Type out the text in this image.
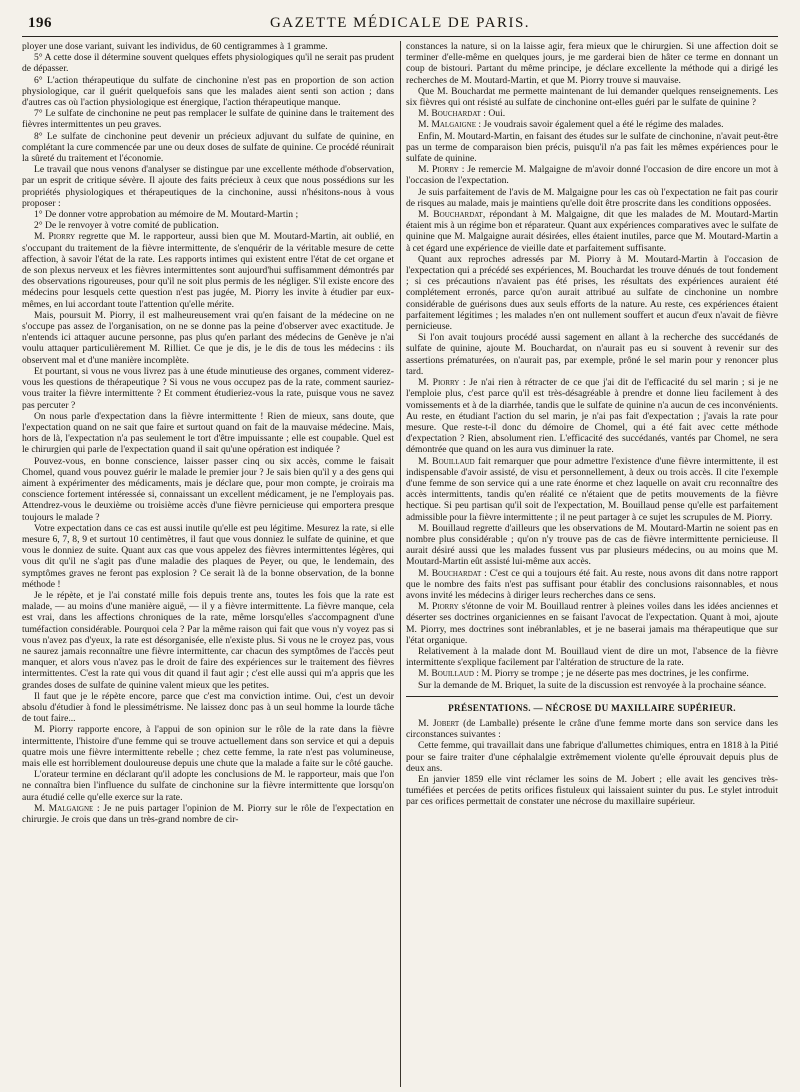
196	GAZETTE MÉDICALE DE PARIS.

ployer une dose variant, suivant les individus, de 60 centigrammes à 1 gramme.

5° A cette dose il détermine souvent quelques effets physiologiques qu'il ne serait pas prudent de dépasser.

6° L'action thérapeutique du sulfate de cinchonine n'est pas en proportion de son action physiologique, car il guérit quelquefois sans que les malades aient senti son action ; dans d'autres cas où l'action physiologique est énergique, l'action thérapeutique manque.

7° Le sulfate de cinchonine ne peut pas remplacer le sulfate de quinine dans le traitement des fièvres intermittentes un peu graves.

8° Le sulfate de cinchonine peut devenir un précieux adjuvant du sulfate de quinine, en complétant la cure commencée par une ou deux doses de sulfate de quinine. Ce procédé réunirait la sûreté du traitement et l'économie.

Le travail que nous venons d'analyser se distingue par une excellente méthode d'observation, par un esprit de critique sévère. Il ajoute des faits précieux à ceux que nous possédions sur les propriétés physiologiques et thérapeutiques de la cinchonine, aussi n'hésitons-nous à vous proposer :

1° De donner votre approbation au mémoire de M. Moutard-Martin ;

2° De le renvoyer à votre comité de publication.

M. Piorry regrette que M. le rapporteur, aussi bien que M. Moutard-Martin, ait oublié, en s'occupant du traitement de la fièvre intermittente, de s'enquérir de la véritable mesure de cette affection, à savoir l'état de la rate. Les rapports intimes qui existent entre l'état de cet organe et de son plexus nerveux et les fièvres intermittentes sont aujourd'hui suffisamment démontrés par des observations rigoureuses, pour qu'il ne soit plus permis de les négliger. S'il existe encore des médecins pour lesquels cette question n'est pas jugée, M. Piorry les invite à étudier par eux-mêmes, en lui accordant toute l'attention qu'elle mérite.

Mais, poursuit M. Piorry, il est malheureusement vrai qu'en faisant de la médecine on ne s'occupe pas assez de l'organisation, on ne se donne pas la peine d'observer avec exactitude. Je n'entends ici attaquer aucune personne, pas plus qu'en parlant des médecins de Genève je n'ai voulu attaquer particulièrement M. Rilliet. Ce que je dis, je le dis de tous les médecins : ils observent mal et d'une manière incomplète.

Et pourtant, si vous ne vous livrez pas à une étude minutieuse des organes, comment viderez-vous les questions de thérapeutique ? Si vous ne vous occupez pas de la rate, comment sauriez-vous traiter la fièvre intermittente ? Et comment étudieriez-vous la rate, puisque vous ne savez pas percuter ?

On nous parle d'expectation dans la fièvre intermittente ! Rien de mieux, sans doute, que l'expectation quand on ne sait que faire et surtout quand on fait de la mauvaise médecine. Mais, hors de là, l'expectation n'a pas seulement le tort d'être impuissante ; elle est coupable. Quel est le chirurgien qui parle de l'expectation quand il sait qu'une opération est indiquée ?

Pouvez-vous, en bonne conscience, laisser passer cinq ou six accès, comme le faisait Chomel, quand vous pouvez guérir le malade le premier jour ? Je sais bien qu'il y a des gens qui aiment à expérimenter des médicaments, mais je déclare que, pour mon compte, je croirais ma conscience fortement intéressée si, connaissant un excellent médicament, je ne l'employais pas. Attendrez-vous le deuxième ou troisième accès d'une fièvre pernicieuse qui emportera presque toujours le malade ?

Votre expectation dans ce cas est aussi inutile qu'elle est peu légitime. Mesurez la rate, si elle mesure 6, 7, 8, 9 et surtout 10 centimètres, il faut que vous donniez le sulfate de quinine, et que vous le donniez de suite. Quant aux cas que vous appelez des fièvres intermittentes légères, qui vous dit qu'il ne s'agit pas d'une maladie des plaques de Peyer, ou que, le lendemain, des symptômes graves ne feront pas explosion ? Ce serait là de la bonne observation, de la bonne méthode !

Je le répète, et je l'ai constaté mille fois depuis trente ans, toutes les fois que la rate est malade, — au moins d'une manière aiguë, — il y a fièvre intermittente. La fièvre manque, cela est vrai, dans les affections chroniques de la rate, même lorsqu'elles s'accompagnent d'une tuméfaction considérable. Pourquoi cela ? Par la même raison qui fait que vous n'y voyez pas si vous n'avez pas d'yeux, la rate est désorganisée, elle n'existe plus. Si vous ne le croyez pas, vous ne saurez jamais reconnaître une fièvre intermittente, car chacun des symptômes de l'accès peut manquer, et alors vous n'avez pas le droit de faire des expériences sur le traitement des fièvres intermittentes. C'est la rate qui vous dit quand il faut agir ; c'est elle aussi qui m'a appris que les grandes doses de sulfate de quinine valent mieux que les petites.

Il faut que je le répète encore, parce que c'est ma conviction intime. Oui, c'est un devoir absolu d'étudier à fond le plessimétrisme. Ne laissez donc pas à un seul homme la lourde tâche de tout faire...

M. Piorry rapporte encore, à l'appui de son opinion sur le rôle de la rate dans la fièvre intermittente, l'histoire d'une femme qui se trouve actuellement dans son service et qui a depuis quatre mois une fièvre intermittente rebelle ; chez cette femme, la rate n'est pas volumineuse, mais elle est horriblement douloureuse depuis une chute que la malade a faite sur le côté gauche.

L'orateur termine en déclarant qu'il adopte les conclusions de M. le rapporteur, mais que l'on ne connaîtra bien l'influence du sulfate de cinchonine sur la fièvre intermittente que lorsqu'on aura étudié celle qu'elle exerce sur la rate.

M. Malgaigne : Je ne puis partager l'opinion de M. Piorry sur le rôle de l'expectation en chirurgie. Je crois que dans un très-grand nombre de cir-

constances la nature, si on la laisse agir, fera mieux que le chirurgien. Si une affection doit se terminer d'elle-même en quelques jours, je me garderai bien de hâter ce terme en donnant un coup de bistouri. Partant du même principe, je déclare excellente la méthode qui a dirigé les recherches de M. Moutard-Martin, et que M. Piorry trouve si mauvaise.

Que M. Bouchardat me permette maintenant de lui demander quelques renseignements. Les six fièvres qui ont résisté au sulfate de cinchonine ont-elles guéri par le sulfate de quinine ?

M. Bouchardat : Oui.

M. Malgaigne : Je voudrais savoir également quel a été le régime des malades.

Enfin, M. Moutard-Martin, en faisant des études sur le sulfate de cinchonine, n'avait peut-être pas un terme de comparaison bien précis, puisqu'il n'a pas fait les mêmes expériences pour le sulfate de quinine.

M. Piorry : Je remercie M. Malgaigne de m'avoir donné l'occasion de dire encore un mot à l'occasion de l'expectation.

Je suis parfaitement de l'avis de M. Malgaigne pour les cas où l'expectation ne fait pas courir de risques au malade, mais je maintiens qu'elle doit être proscrite dans les conditions opposées.

M. Bouchardat, répondant à M. Malgaigne, dit que les malades de M. Moutard-Martin étaient mis à un régime bon et réparateur. Quant aux expériences comparatives avec le sulfate de quinine que M. Malgaigne aurait désirées, elles étaient inutiles, parce que M. Moutard-Martin a à cet égard une expérience de vieille date et parfaitement suffisante.

Quant aux reproches adressés par M. Piorry à M. Moutard-Martin à l'occasion de l'expectation qui a précédé ses expériences, M. Bouchardat les trouve dénués de tout fondement ; si ces précautions n'avaient pas été prises, les résultats des expériences auraient été complétement erronés, parce qu'on aurait attribué au sulfate de cinchonine un nombre considérable de guérisons dues aux seuls efforts de la nature. Au reste, ces expériences étaient parfaitement légitimes ; les malades n'en ont nullement souffert et aucun d'eux n'avait de fièvre pernicieuse.

Si l'on avait toujours procédé aussi sagement en allant à la recherche des succédanés de sulfate de quinine, ajoute M. Bouchardat, on n'aurait pas eu si souvent à revenir sur des assertions prématurées, on n'aurait pas, par exemple, prôné le sel marin pour y renoncer plus tard.

M. Piorry : Je n'ai rien à rétracter de ce que j'ai dit de l'efficacité du sel marin ; si je ne l'emploie plus, c'est parce qu'il est très-désagréable à prendre et donne lieu facilement à des vomissements et à de la diarrhée, tandis que le sulfate de quinine n'a aucun de ces inconvénients. Au reste, en étudiant l'action du sel marin, je n'ai pas fait d'expectation ; j'avais la rate pour mesure. Que reste-t-il donc du démoire de Chomel, qui a été fait avec cette méthode d'expectation ? Rien, absolument rien. L'efficacité des succédanés, vantés par Chomel, ne sera démontrée que quand on les aura vus diminuer la rate.

M. Bouillaud fait remarquer que pour admettre l'existence d'une fièvre intermittente, il est indispensable d'avoir assisté, de visu et personnellement, à deux ou trois accès. Il cite l'exemple d'une femme de son service qui a une rate énorme et chez laquelle on avait cru reconnaître des accès intermittents, tandis qu'en réalité ce n'étaient que de petits mouvements de la fièvre hectique. Si peu partisan qu'il soit de l'expectation, M. Bouillaud pense qu'elle est parfaitement admissible pour la fièvre intermittente ; il ne peut partager à ce sujet les scrupules de M. Piorry.

M. Bouillaud regrette d'ailleurs que les observations de M. Moutard-Martin ne soient pas en nombre plus considérable ; qu'on n'y trouve pas de cas de fièvre intermittente pernicieuse. Il aurait désiré aussi que les malades fussent vus par plusieurs médecins, ou au moins que M. Moutard-Martin eût assisté lui-même aux accès.

M. Bouchardat : C'est ce qui a toujours été fait. Au reste, nous avons dit dans notre rapport que le nombre des faits n'est pas suffisant pour établir des conclusions raisonnables, et nous avons invité les médecins à diriger leurs recherches dans ce sens.

M. Piorry s'étonne de voir M. Bouillaud rentrer à pleines voiles dans les idées anciennes et déserter ses doctrines organiciennes en se faisant l'avocat de l'expectation. Quant à moi, ajoute M. Piorry, mes doctrines sont inébranlables, et je ne baserai jamais ma thérapeutique que sur l'état organique.

Relativement à la malade dont M. Bouillaud vient de dire un mot, l'absence de la fièvre intermittente s'explique facilement par l'altération de structure de la rate.

M. Bouillaud : M. Piorry se trompe ; je ne déserte pas mes doctrines, je les confirme.

Sur la demande de M. Briquet, la suite de la discussion est renvoyée à la prochaine séance.

PRÉSENTATIONS. — NÉCROSE DU MAXILLAIRE SUPÉRIEUR.

M. Jobert (de Lamballe) présente le crâne d'une femme morte dans son service dans les circonstances suivantes :

Cette femme, qui travaillait dans une fabrique d'allumettes chimiques, entra en 1818 à la Pitié pour se faire traiter d'une céphalalgie extrêmement violente qu'elle éprouvait depuis plus de deux ans.

En janvier 1859 elle vint réclamer les soins de M. Jobert ; elle avait les gencives très-tuméfiées et percées de petits orifices fistuleux qui laissaient suinter du pus. Le stylet introduit par ces orifices permettait de constater une nécrose du maxillaire supérieur.
